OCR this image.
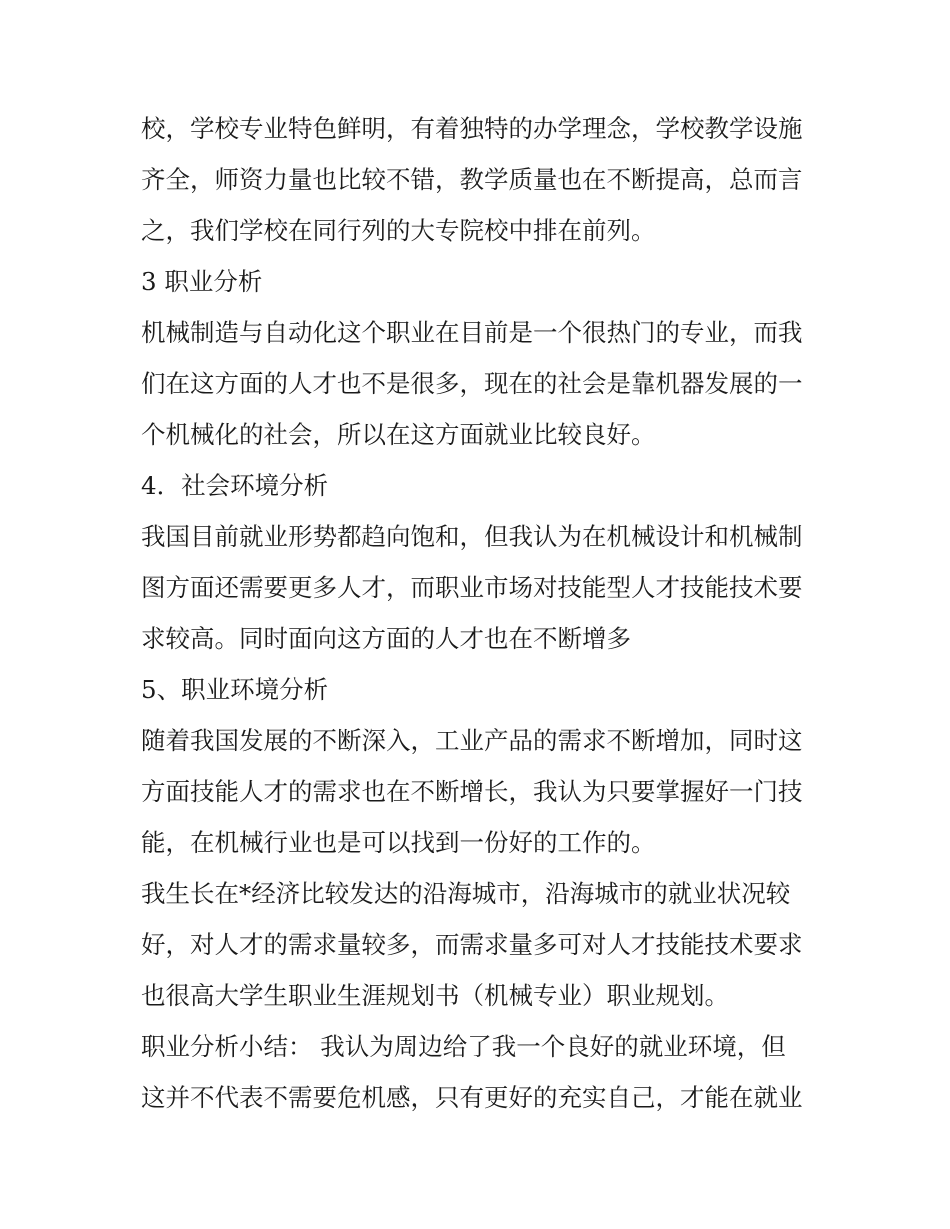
校，学校专业特色鲜明，有着独特的办学理念，学校教学设施
齐全，师资力量也比较不错，教学质量也在不断提高，总而言
之，我们学校在同行列的大专院校中排在前列。
3 职业分析
机械制造与自动化这个职业在目前是一个很热门的专业，而我
们在这方面的人才也不是很多，现在的社会是靠机器发展的一
个机械化的社会，所以在这方面就业比较良好。
4．社会环境分析
我国目前就业形势都趋向饱和，但我认为在机械设计和机械制
图方面还需要更多人才，而职业市场对技能型人才技能技术要
求较高。同时面向这方面的人才也在不断增多
5、职业环境分析
随着我国发展的不断深入，工业产品的需求不断增加，同时这
方面技能人才的需求也在不断增长，我认为只要掌握好一门技
能，在机械行业也是可以找到一份好的工作的。
我生长在*经济比较发达的沿海城市，沿海城市的就业状况较
好，对人才的需求量较多，而需求量多可对人才技能技术要求
也很高大学生职业生涯规划书（机械专业）职业规划。
职业分析小结： 我认为周边给了我一个良好的就业环境，但
这并不代表不需要危机感，只有更好的充实自己，才能在就业
